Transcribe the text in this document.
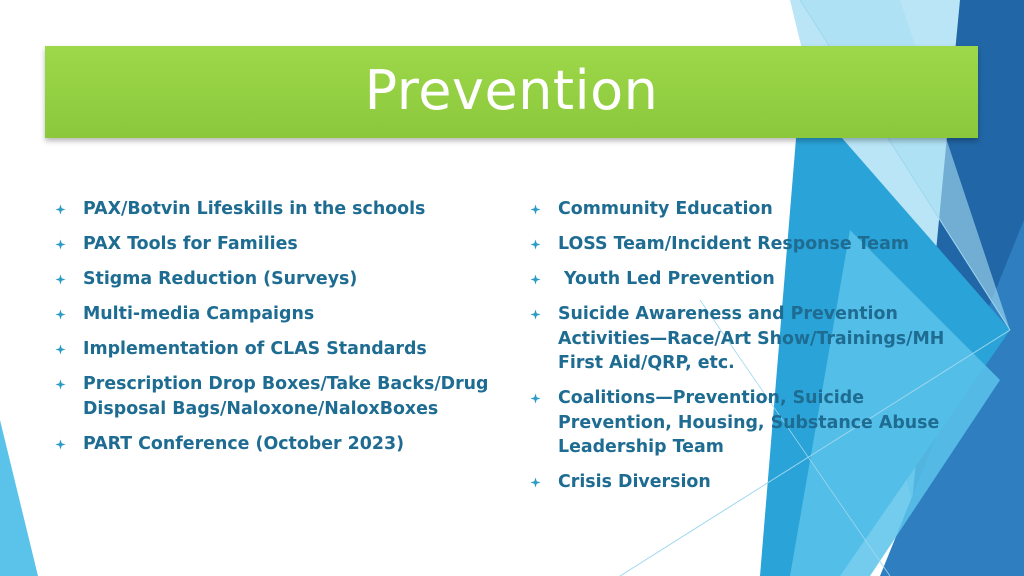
Prevention
PAX/Botvin Lifeskills in the schools
PAX Tools for Families
Stigma Reduction (Surveys)
Multi-media Campaigns
Implementation of CLAS Standards
Prescription Drop Boxes/Take Backs/Drug Disposal Bags/Naloxone/NaloxBoxes
PART Conference (October 2023)
Community Education
LOSS Team/Incident Response Team
Youth Led Prevention
Suicide Awareness and Prevention Activities—Race/Art Show/Trainings/MH First Aid/QRP, etc.
Coalitions—Prevention, Suicide Prevention, Housing, Substance Abuse Leadership Team
Crisis Diversion
